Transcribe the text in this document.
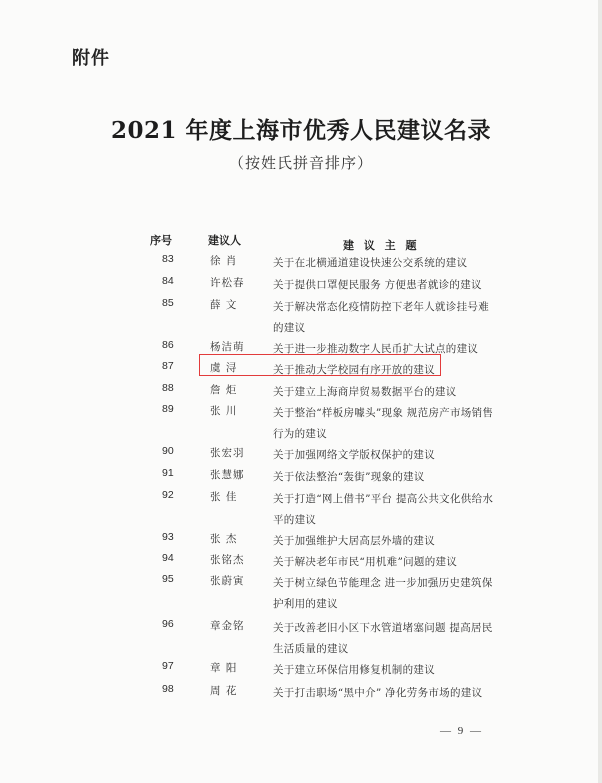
附件
2021 年度上海市优秀人民建议名录
（按姓氏拼音排序）
序号	建议人	建 议 主 题
83	徐 肖	关于在北横通道建设快速公交系统的建议
84	许松春	关于提供口罩便民服务 方便患者就诊的建议
85	薛 文	关于解决常态化疫情防控下老年人就诊挂号难的建议
86	杨洁萌	关于进一步推动数字人民币扩大试点的建议
87	虞 浔	关于推动大学校园有序开放的建议
88	詹 炬	关于建立上海商岸贸易数据平台的建议
89	张 川	关于整治“样板房噱头”现象 规范房产市场销售行为的建议
90	张宏羽	关于加强网络文学版权保护的建议
91	张慧娜	关于依法整治“轰街”现象的建议
92	张 佳	关于打造“网上借书”平台 提高公共文化供给水平的建议
93	张 杰	关于加强维护大居高层外墙的建议
94	张铭杰	关于解决老年市民“用机难”问题的建议
95	张蔚寅	关于树立绿色节能理念 进一步加强历史建筑保护利用的建议
96	章金铭	关于改善老旧小区下水管道堵塞问题 提高居民生活质量的建议
97	章 阳	关于建立环保信用修复机制的建议
98	周 花	关于打击职场“黑中介” 净化劳务市场的建议
— 9 —
